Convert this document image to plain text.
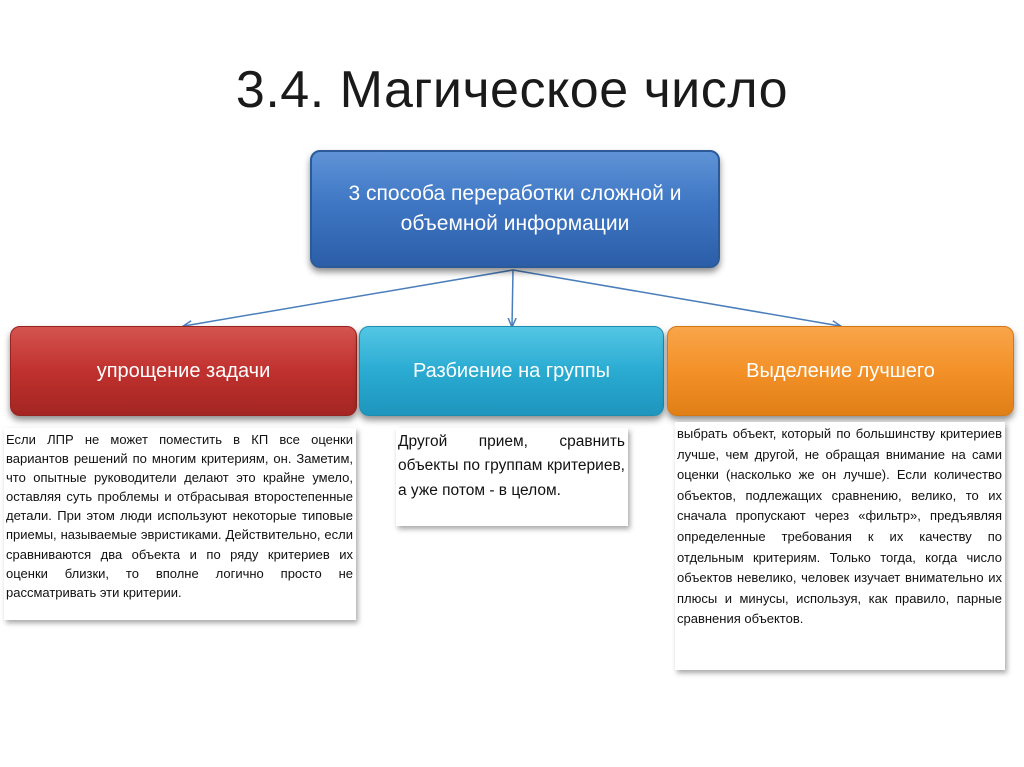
3.4. Магическое число
3 способа переработки сложной и объемной информации
упрощение задачи	Разбиение на группы	Выделение лучшего
Если ЛПР не может поместить в КП все оценки вариантов решений по многим критериям, он. Заметим, что опытные руководители делают это крайне умело, оставляя суть проблемы и отбрасывая второстепенные детали. При этом люди используют некоторые типовые приемы, называемые эвристиками. Действительно, если сравниваются два объекта и по ряду критериев их оценки близки, то вполне логично просто не рассматривать эти критерии.
Другой прием, сравнить объекты по группам критериев, а уже потом - в целом.
выбрать объект, который по большинству критериев лучше, чем другой, не обращая внимание на сами оценки (насколько же он лучше). Если количество объектов, подлежащих сравнению, велико, то их сначала пропускают через «фильтр», предъявляя определенные требования к их качеству по отдельным критериям. Только тогда, когда число объектов невелико, человек изучает внимательно их плюсы и минусы, используя, как правило, парные сравнения объектов.
